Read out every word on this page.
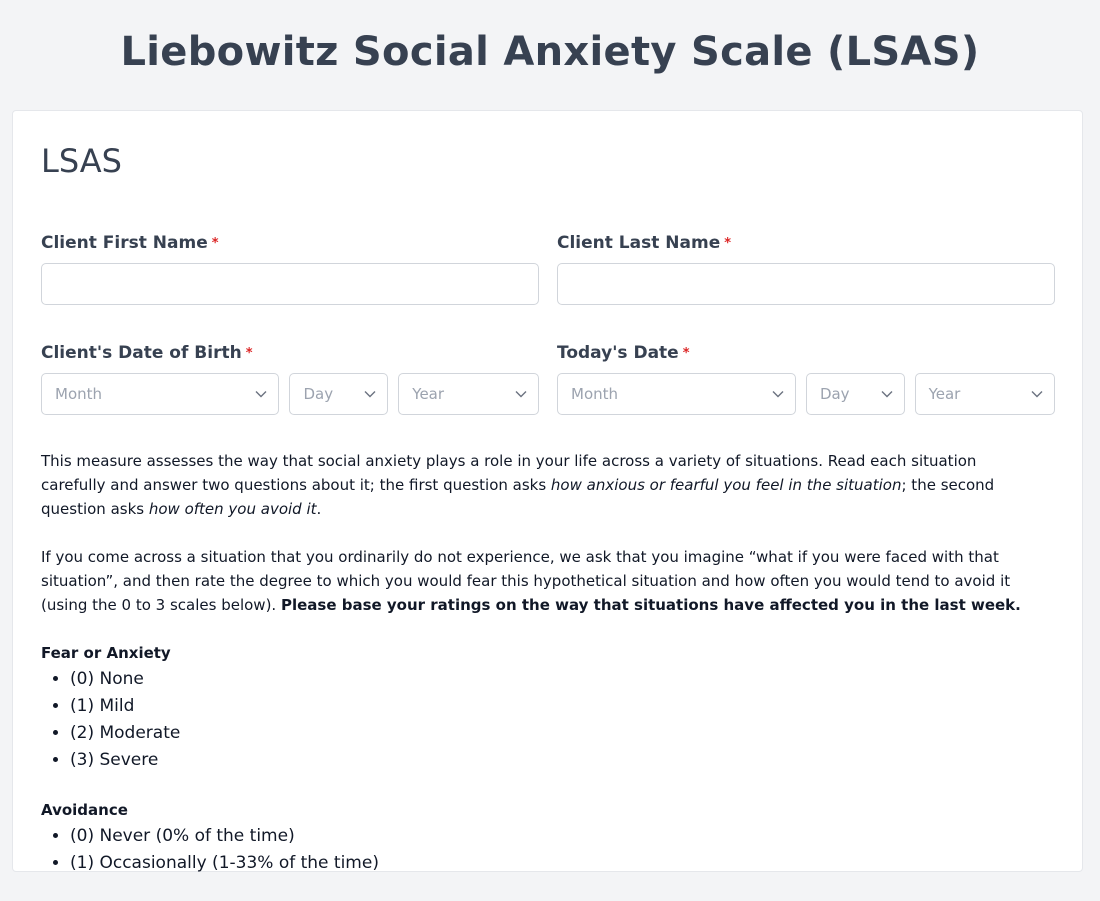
Liebowitz Social Anxiety Scale (LSAS)
LSAS
Client First Name *	Client Last Name *
Client's Date of Birth *
Month	Day	Year
Today's Date *
Month	Day	Year

This measure assesses the way that social anxiety plays a role in your life across a variety of situations. Read each situation carefully and answer two questions about it; the first question asks how anxious or fearful you feel in the situation; the second question asks how often you avoid it.

If you come across a situation that you ordinarily do not experience, we ask that you imagine “what if you were faced with that situation”, and then rate the degree to which you would fear this hypothetical situation and how often you would tend to avoid it (using the 0 to 3 scales below). Please base your ratings on the way that situations have affected you in the last week.

Fear or Anxiety
• (0) None
• (1) Mild
• (2) Moderate
• (3) Severe
Avoidance
• (0) Never (0% of the time)
• (1) Occasionally (1-33% of the time)
